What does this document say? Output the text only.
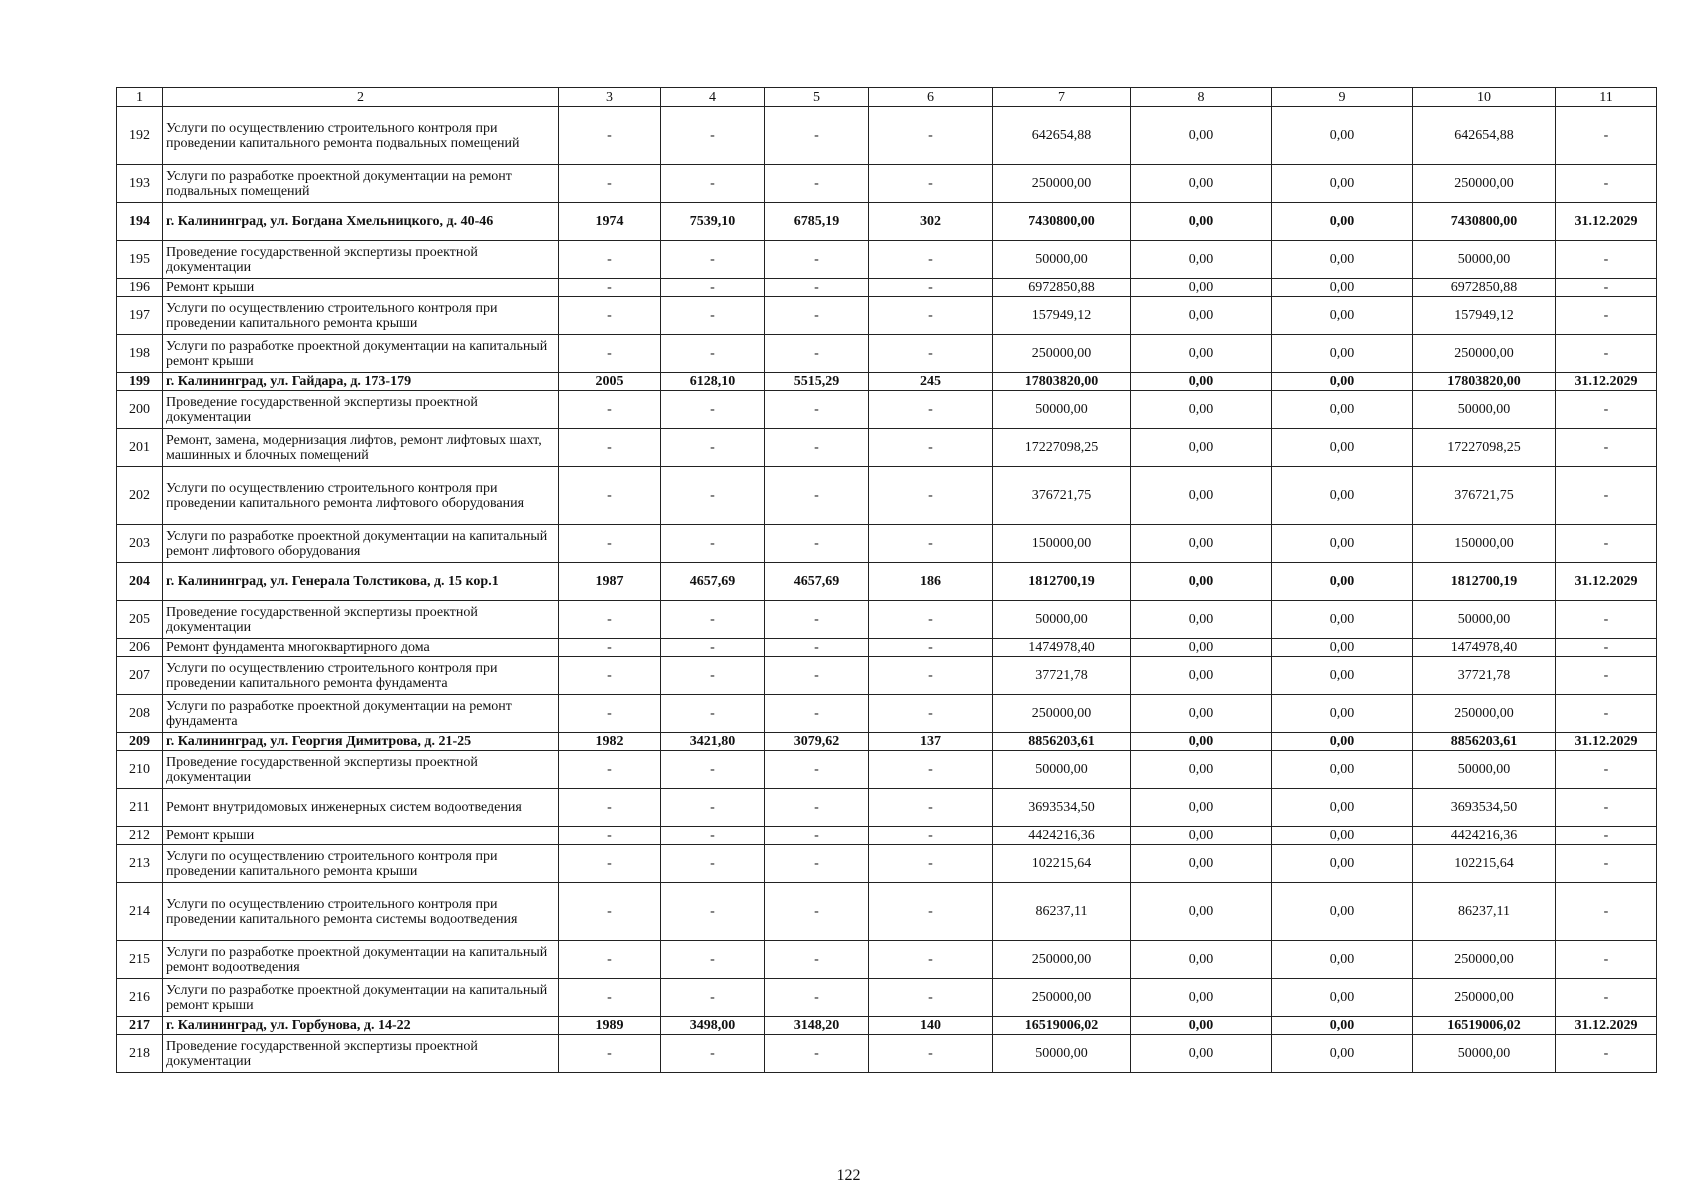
1	2	3	4	5	6	7	8	9	10	11
192	Услуги по осуществлению строительного контроля при проведении капитального ремонта подвальных помещений	-	-	-	-	642654,88	0,00	0,00	642654,88	-
193	Услуги по разработке проектной документации на ремонт подвальных помещений	-	-	-	-	250000,00	0,00	0,00	250000,00	-
194	г. Калининград, ул. Богдана Хмельницкого, д. 40-46	1974	7539,10	6785,19	302	7430800,00	0,00	0,00	7430800,00	31.12.2029
195	Проведение государственной экспертизы проектной документации	-	-	-	-	50000,00	0,00	0,00	50000,00	-
196	Ремонт крыши	-	-	-	-	6972850,88	0,00	0,00	6972850,88	-
197	Услуги по осуществлению строительного контроля при проведении капитального ремонта крыши	-	-	-	-	157949,12	0,00	0,00	157949,12	-
198	Услуги по разработке проектной документации на капитальный ремонт крыши	-	-	-	-	250000,00	0,00	0,00	250000,00	-
199	г. Калининград, ул. Гайдара, д. 173-179	2005	6128,10	5515,29	245	17803820,00	0,00	0,00	17803820,00	31.12.2029
200	Проведение государственной экспертизы проектной документации	-	-	-	-	50000,00	0,00	0,00	50000,00	-
201	Ремонт, замена, модернизация лифтов, ремонт лифтовых шахт, машинных и блочных помещений	-	-	-	-	17227098,25	0,00	0,00	17227098,25	-
202	Услуги по осуществлению строительного контроля при проведении капитального ремонта лифтового оборудования	-	-	-	-	376721,75	0,00	0,00	376721,75	-
203	Услуги по разработке проектной документации на капитальный ремонт лифтового оборудования	-	-	-	-	150000,00	0,00	0,00	150000,00	-
204	г. Калининград, ул. Генерала Толстикова, д. 15 кор.1	1987	4657,69	4657,69	186	1812700,19	0,00	0,00	1812700,19	31.12.2029
205	Проведение государственной экспертизы проектной документации	-	-	-	-	50000,00	0,00	0,00	50000,00	-
206	Ремонт фундамента многоквартирного дома	-	-	-	-	1474978,40	0,00	0,00	1474978,40	-
207	Услуги по осуществлению строительного контроля при проведении капитального ремонта фундамента	-	-	-	-	37721,78	0,00	0,00	37721,78	-
208	Услуги по разработке проектной документации на ремонт фундамента	-	-	-	-	250000,00	0,00	0,00	250000,00	-
209	г. Калининград, ул. Георгия Димитрова, д. 21-25	1982	3421,80	3079,62	137	8856203,61	0,00	0,00	8856203,61	31.12.2029
210	Проведение государственной экспертизы проектной документации	-	-	-	-	50000,00	0,00	0,00	50000,00	-
211	Ремонт внутридомовых инженерных систем водоотведения	-	-	-	-	3693534,50	0,00	0,00	3693534,50	-
212	Ремонт крыши	-	-	-	-	4424216,36	0,00	0,00	4424216,36	-
213	Услуги по осуществлению строительного контроля при проведении капитального ремонта крыши	-	-	-	-	102215,64	0,00	0,00	102215,64	-
214	Услуги по осуществлению строительного контроля при проведении капитального ремонта системы водоотведения	-	-	-	-	86237,11	0,00	0,00	86237,11	-
215	Услуги по разработке проектной документации на капитальный ремонт водоотведения	-	-	-	-	250000,00	0,00	0,00	250000,00	-
216	Услуги по разработке проектной документации на капитальный ремонт крыши	-	-	-	-	250000,00	0,00	0,00	250000,00	-
217	г. Калининград, ул. Горбунова, д. 14-22	1989	3498,00	3148,20	140	16519006,02	0,00	0,00	16519006,02	31.12.2029
218	Проведение государственной экспертизы проектной документации	-	-	-	-	50000,00	0,00	0,00	50000,00	-
122
